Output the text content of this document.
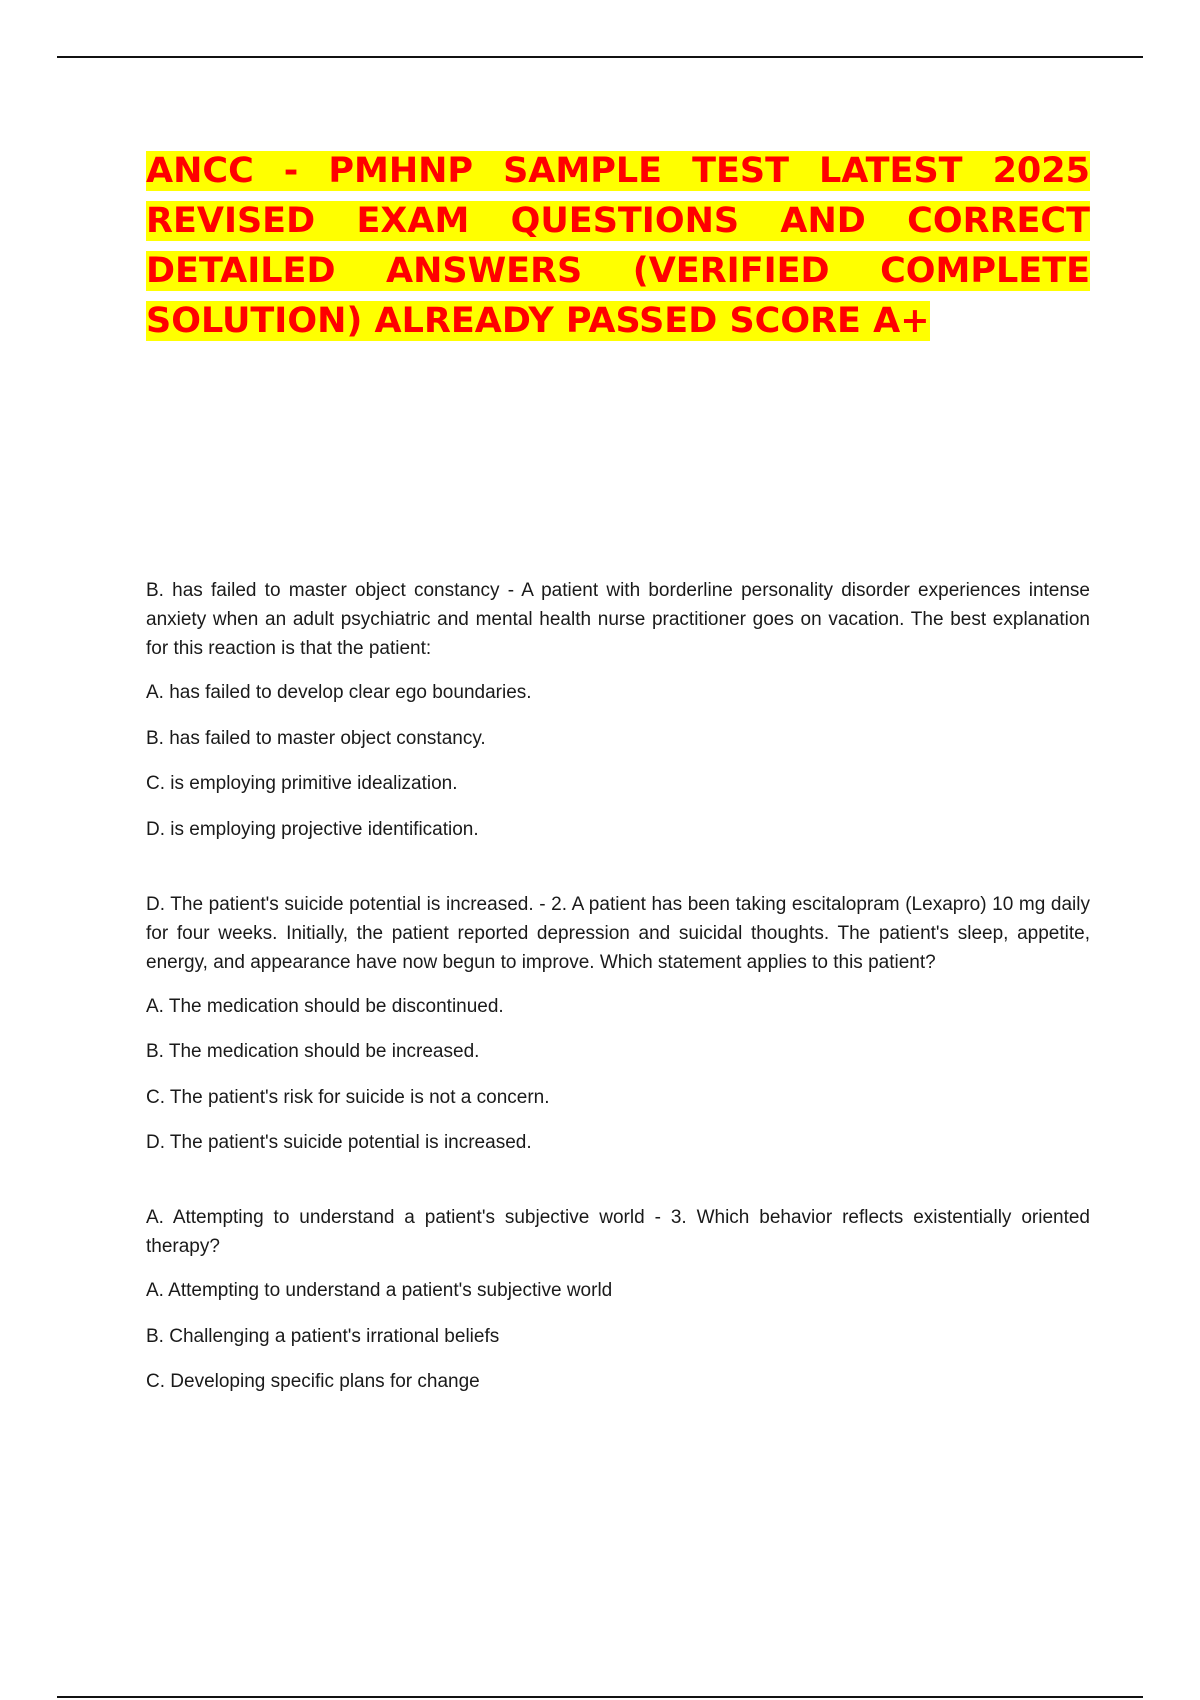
ANCC - PMHNP SAMPLE TEST LATEST 2025 REVISED EXAM QUESTIONS AND CORRECT DETAILED ANSWERS (VERIFIED COMPLETE SOLUTION) ALREADY PASSED SCORE A+

B. has failed to master object constancy - A patient with borderline personality disorder experiences intense anxiety when an adult psychiatric and mental health nurse practitioner goes on vacation. The best explanation for this reaction is that the patient:

A. has failed to develop clear ego boundaries.
B. has failed to master object constancy.
C. is employing primitive idealization.
D. is employing projective identification.

D. The patient's suicide potential is increased. - 2. A patient has been taking escitalopram (Lexapro) 10 mg daily for four weeks. Initially, the patient reported depression and suicidal thoughts. The patient's sleep, appetite, energy, and appearance have now begun to improve. Which statement applies to this patient?

A. The medication should be discontinued.
B. The medication should be increased.
C. The patient's risk for suicide is not a concern.
D. The patient's suicide potential is increased.

A. Attempting to understand a patient's subjective world - 3. Which behavior reflects existentially oriented therapy?

A. Attempting to understand a patient's subjective world
B. Challenging a patient's irrational beliefs
C. Developing specific plans for change
